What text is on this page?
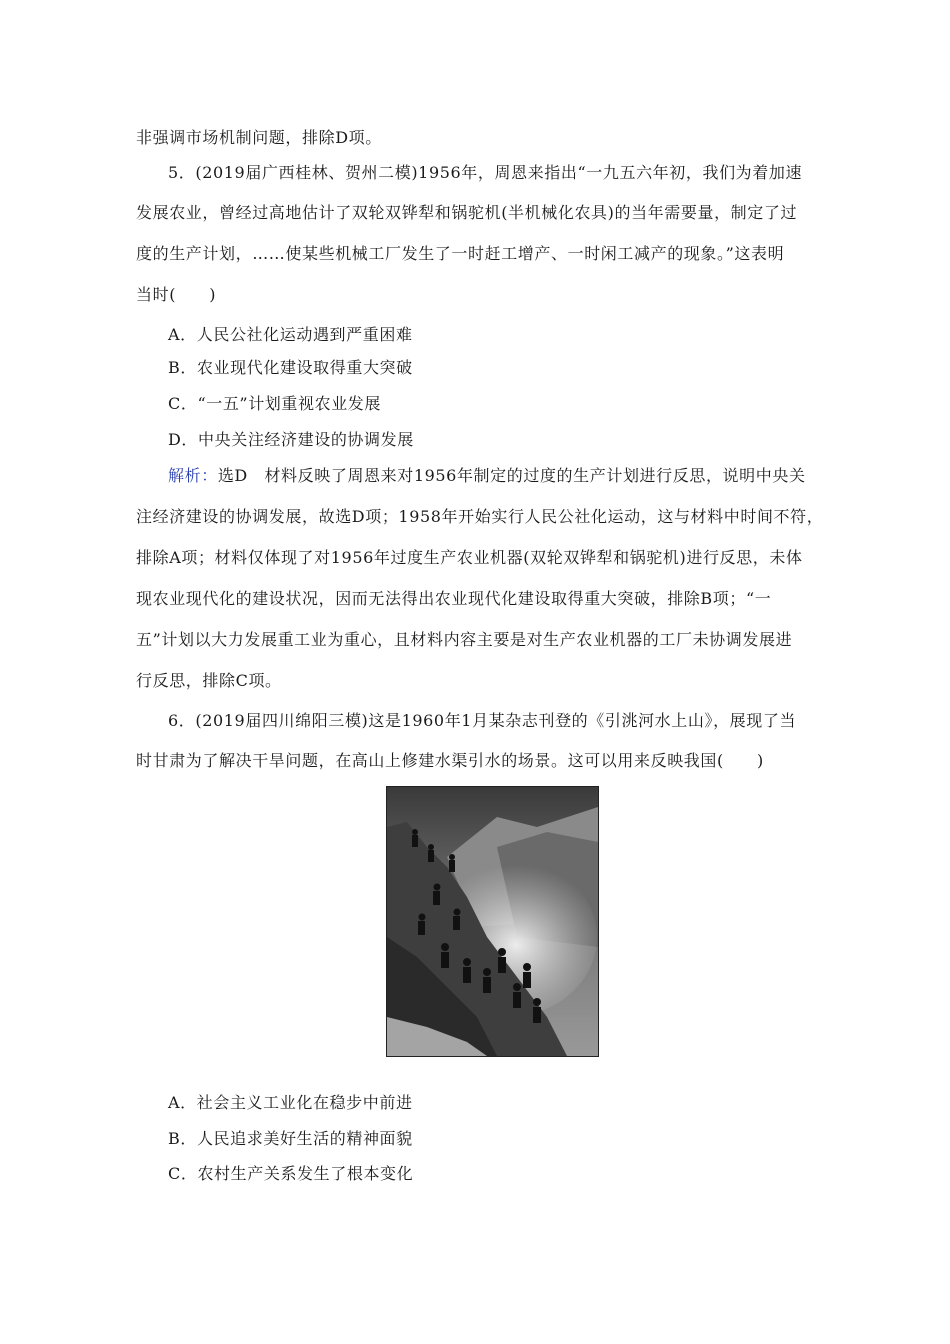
非强调市场机制问题，排除D项。
5．(2019届广西桂林、贺州二模)1956年，周恩来指出“一九五六年初，我们为着加速
发展农业，曾经过高地估计了双轮双铧犁和锅驼机(半机械化农具)的当年需要量，制定了过
度的生产计划，……使某些机械工厂发生了一时赶工增产、一时闲工减产的现象。”这表明
当时(　　)
A．人民公社化运动遇到严重困难
B．农业现代化建设取得重大突破
C．“一五”计划重视农业发展
D．中央关注经济建设的协调发展
解析：选D　材料反映了周恩来对1956年制定的过度的生产计划进行反思，说明中央关
注经济建设的协调发展，故选D项；1958年开始实行人民公社化运动，这与材料中时间不符，
排除A项；材料仅体现了对1956年过度生产农业机器(双轮双铧犁和锅驼机)进行反思，未体
现农业现代化的建设状况，因而无法得出农业现代化建设取得重大突破，排除B项；“一
五”计划以大力发展重工业为重心，且材料内容主要是对生产农业机器的工厂未协调发展进
行反思，排除C项。
6．(2019届四川绵阳三模)这是1960年1月某杂志刊登的《引洮河水上山》，展现了当
时甘肃为了解决干旱问题，在高山上修建水渠引水的场景。这可以用来反映我国(　　)
A．社会主义工业化在稳步中前进
B．人民追求美好生活的精神面貌
C．农村生产关系发生了根本变化
